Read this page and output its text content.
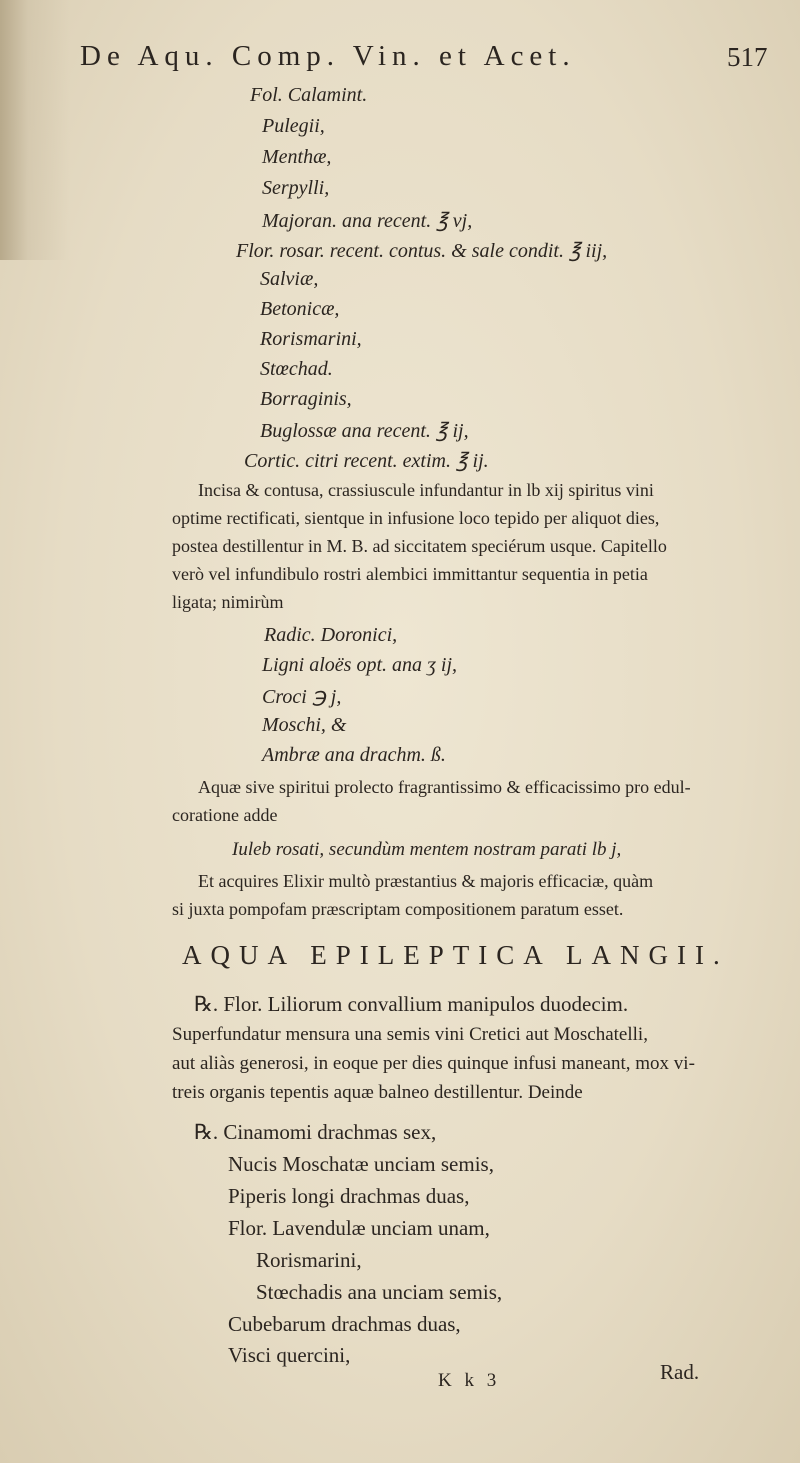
De Aqu. Comp. Vin. et Acet.	517
Fol. Calamint.
Pulegii,
Menthæ,
Serpylli,
Majoran. ana recent. ℥ vj,
Flor. rosar. recent. contus. & sale condit. ℥ iij,
Salviæ,
Betonicæ,
Rorismarini,
Stœchad.
Borraginis,
Buglossæ ana recent. ℥ ij,
Cortic. citri recent. extim. ℥ ij.
Incisa & contusa, crassiuscule infundantur in lb xij spiritus vini
optime rectificati, sientque in infusione loco tepido per aliquot dies,
postea destillentur in M. B. ad siccitatem speciérum usque. Capitello
verò vel infundibulo rostri alembici immittantur sequentia in petia
ligata; nimirùm
Radic. Doronici,
Ligni aloës opt. ana ʒ ij,
Croci ℈ j,
Moschi, &
Ambræ ana drachm. ß.
Aquæ sive spiritui prolecto fragrantissimo & efficacissimo pro edul-
coratione adde
Iuleb rosati, secundùm mentem nostram parati lb j,
Et acquires Elixir multò præstantius & majoris efficaciæ, quàm
si juxta pompofam præscriptam compositionem paratum esset.
AQUA EPILEPTICA LANGII.
℞. Flor. Liliorum convallium manipulos duodecim.
Superfundatur mensura una semis vini Cretici aut Moschatelli,
aut aliàs generosi, in eoque per dies quinque infusi maneant, mox vi-
treis organis tepentis aquæ balneo destillentur. Deinde
℞. Cinamomi drachmas sex,
Nucis Moschatæ unciam semis,
Piperis longi drachmas duas,
Flor. Lavendulæ unciam unam,
Rorismarini,
Stœchadis ana unciam semis,
Cubebarum drachmas duas,
Visci quercini,
K k 3	Rad.
